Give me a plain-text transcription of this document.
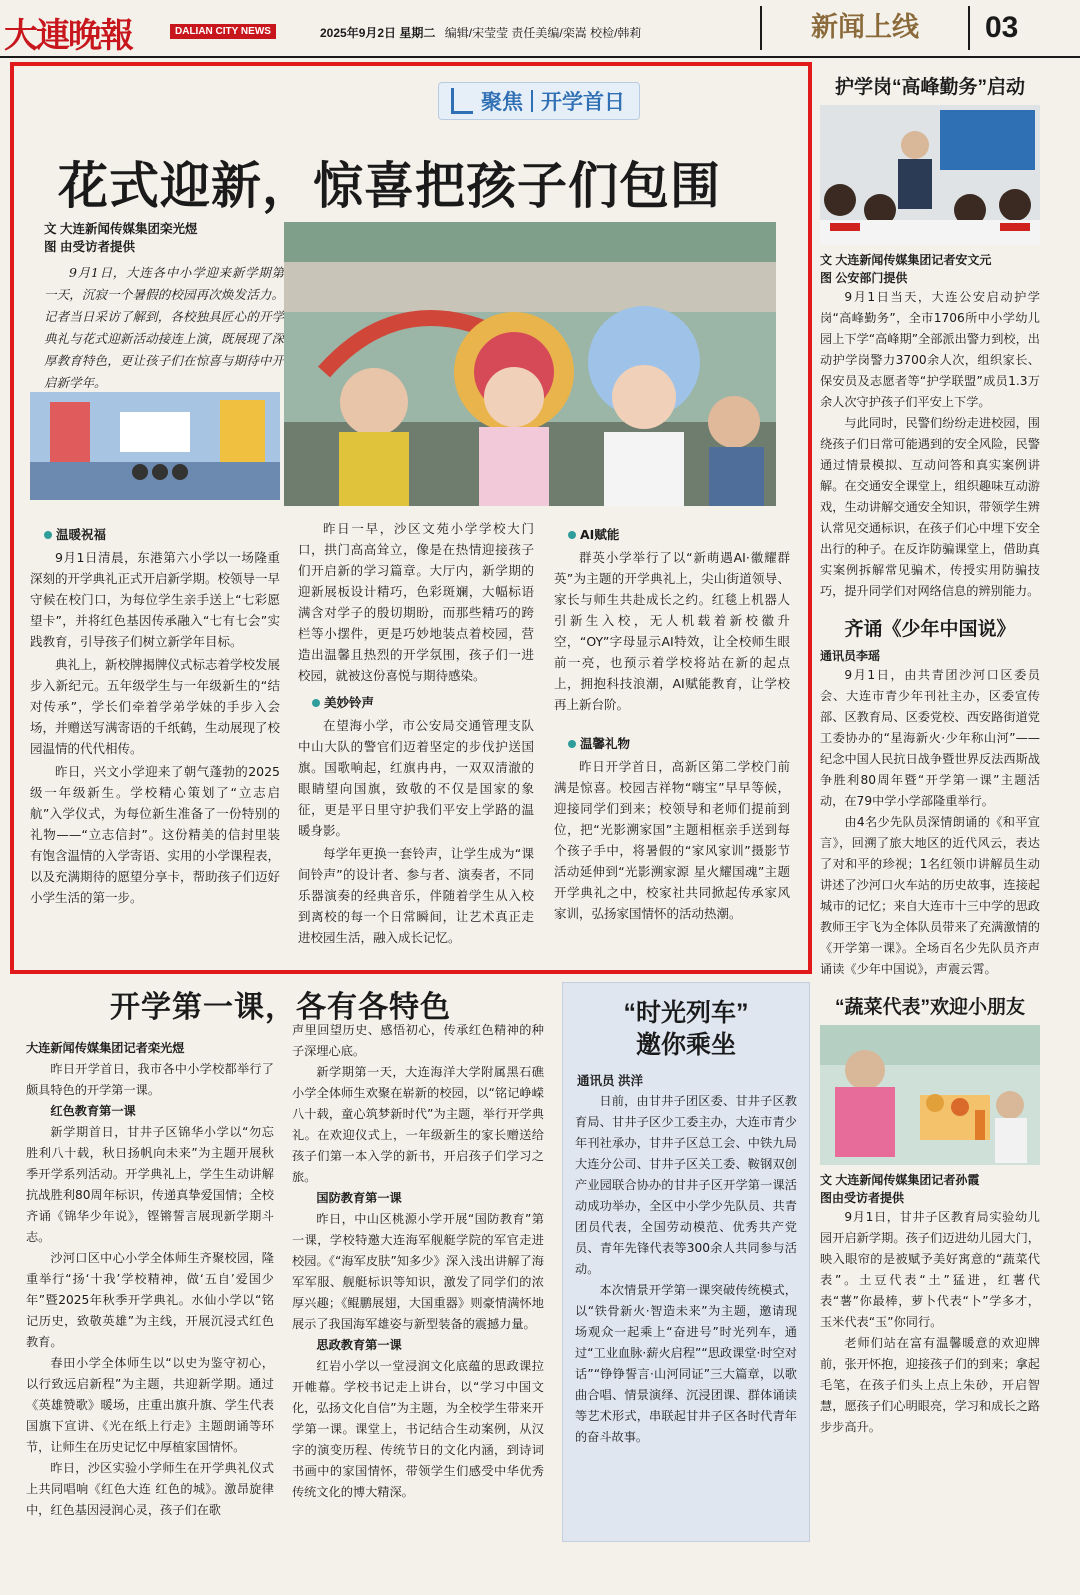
大連晚報	DALIAN CITY NEWS	2025年9月2日 星期二 编辑/宋莹莹 责任美编/栾嵩 校检/韩莉	新闻上线	03
聚焦 开学首日
花式迎新，惊喜把孩子们包围
文 大连新闻传媒集团栾光煜
图 由受访者提供

9月1日，大连各中小学迎来新学期第一天，沉寂一个暑假的校园再次焕发活力。记者当日采访了解到，各校独具匠心的开学典礼与花式迎新活动接连上演，既展现了深厚教育特色，更让孩子们在惊喜与期待中开启新学年。

温暖祝福

9月1日清晨，东港第六小学以一场隆重深刻的开学典礼正式开启新学期。校领导一早守候在校门口，为每位学生亲手送上“七彩愿望卡”，并将红色基因传承融入“七有七会”实践教育，引导孩子们树立新学年目标。

典礼上，新校牌揭牌仪式标志着学校发展步入新纪元。五年级学生与一年级新生的“结对传承”，学长们牵着学弟学妹的手步入会场，并赠送写满寄语的千纸鹤，生动展现了校园温情的代代相传。

昨日，兴文小学迎来了朝气蓬勃的2025级一年级新生。学校精心策划了“立志启航”入学仪式，为每位新生准备了一份特别的礼物——“立志信封”。这份精美的信封里装有饱含温情的入学寄语、实用的小学课程表，以及充满期待的愿望分享卡，帮助孩子们迈好小学生活的第一步。

昨日一早，沙区文苑小学学校大门口，拱门高高耸立，像是在热情迎接孩子们开启新的学习篇章。大厅内，新学期的迎新展板设计精巧，色彩斑斓，大幅标语满含对学子的殷切期盼，而那些精巧的跨栏等小摆件，更是巧妙地装点着校园，营造出温馨且热烈的开学氛围，孩子们一进校园，就被这份喜悦与期待感染。

美妙铃声

在望海小学，市公安局交通管理支队中山大队的警官们迈着坚定的步伐护送国旗。国歌响起，红旗冉冉，一双双清澈的眼睛望向国旗，致敬的不仅是国家的象征，更是平日里守护我们平安上学路的温暖身影。

每学年更换一套铃声，让学生成为“课间铃声”的设计者、参与者、演奏者，不同乐器演奏的经典音乐，伴随着学生从入校到离校的每一个日常瞬间，让艺术真正走进校园生活，融入成长记忆。

AI赋能

群英小学举行了以“新萌遇AI·徽耀群英”为主题的开学典礼上，尖山街道领导、家长与师生共赴成长之约。红毯上机器人引新生入校，无人机载着新校徽升空，“OY”字母显示AI特效，让全校师生眼前一亮，也预示着学校将站在新的起点上，拥抱科技浪潮，AI赋能教育，让学校再上新台阶。

温馨礼物

昨日开学首日，高新区第二学校门前满是惊喜。校园吉祥物“嗨宝”早早等候，迎接同学们到来；校领导和老师们提前到位，把“光影溯家国”主题相框亲手送到每个孩子手中，将暑假的“家风家训”摄影节活动延伸到“光影溯家源 星火耀国魂”主题开学典礼之中，校家社共同掀起传承家风家训，弘扬家国情怀的活动热潮。

护学岗“高峰勤务”启动
文 大连新闻传媒集团记者安文元
图 公安部门提供

9月1日当天，大连公安启动护学岗“高峰勤务”，全市1706所中小学幼儿园上下学“高峰期”全部派出警力到校，出动护学岗警力3700余人次，组织家长、保安员及志愿者等“护学联盟”成员1.3万余人次守护孩子们平安上下学。

与此同时，民警们纷纷走进校园，围绕孩子们日常可能遇到的安全风险，民警通过情景模拟、互动问答和真实案例讲解。在交通安全课堂上，组织趣味互动游戏，生动讲解交通安全知识，带领学生辨认常见交通标识，在孩子们心中埋下安全出行的种子。在反诈防骗课堂上，借助真实案例拆解常见骗术，传授实用防骗技巧，提升同学们对网络信息的辨别能力。

齐诵《少年中国说》
通讯员李瑶

9月1日，由共青团沙河口区委员会、大连市青少年刊社主办，区委宣传部、区教育局、区委党校、西安路街道党工委协办的“星海新火·少年称山河”——纪念中国人民抗日战争暨世界反法西斯战争胜利80周年暨“开学第一课”主题活动，在79中学小学部隆重举行。

由4名少先队员深情朗诵的《和平宣言》，回溯了旅大地区的近代风云，表达了对和平的珍视；1名红领巾讲解员生动讲述了沙河口火车站的历史故事，连接起城市的记忆；来自大连市十三中学的思政教师王宇飞为全体队员带来了充满激情的《开学第一课》。全场百名少先队员齐声诵读《少年中国说》，声震云霄。

“蔬菜代表”欢迎小朋友
文 大连新闻传媒集团记者孙霞
图由受访者提供

9月1日，甘井子区教育局实验幼儿园开启新学期。孩子们迈进幼儿园大门，映入眼帘的是被赋予美好寓意的“蔬菜代表”。土豆代表“土”猛进，红薯代表“薯”你最棒，萝卜代表“卜”学多才，玉米代表“玉”你同行。

老师们站在富有温馨暖意的欢迎牌前，张开怀抱，迎接孩子们的到来；拿起毛笔，在孩子们头上点上朱砂，开启智慧，愿孩子们心明眼亮，学习和成长之路步步高升。

开学第一课，各有各特色

大连新闻传媒集团记者栾光煜

昨日开学首日，我市各中小学校都举行了颇具特色的开学第一课。

红色教育第一课

新学期首日，甘井子区锦华小学以“勿忘胜利八十载，秋日扬帆向未来”为主题开展秋季开学系列活动。开学典礼上，学生生动讲解抗战胜利80周年标识，传递真挚爱国情；全校齐诵《锦华少年说》，铿锵誓言展现新学期斗志。

沙河口区中心小学全体师生齐聚校园，隆重举行“扬‘十我’学校精神，做‘五自’爱国少年”暨2025年秋季开学典礼。水仙小学以“铭记历史，致敬英雄”为主线，开展沉浸式红色教育。

春田小学全体师生以“以史为鉴守初心，以行致远启新程”为主题，共迎新学期。通过《英雄赞歌》暖场，庄重出旗升旗、学生代表国旗下宣讲、《光在纸上行走》主题朗诵等环节，让师生在历史记忆中厚植家国情怀。

昨日，沙区实验小学师生在开学典礼仪式上共同唱响《红色大连 红色的城》。激昂旋律中，红色基因浸润心灵，孩子们在歌

声里回望历史、感悟初心，传承红色精神的种子深埋心底。

新学期第一天，大连海洋大学附属黑石礁小学全体师生欢聚在崭新的校园，以“铭记峥嵘八十载，童心筑梦新时代”为主题，举行开学典礼。在欢迎仪式上，一年级新生的家长赠送给孩子们第一本入学的新书，开启孩子们学习之旅。

国防教育第一课

昨日，中山区桃源小学开展“国防教育”第一课，学校特邀大连海军舰艇学院的军官走进校园。《“海军皮肤”知多少》深入浅出讲解了海军军服、舰艇标识等知识，激发了同学们的浓厚兴趣；《鲲鹏展翅，大国重器》则豪情满怀地展示了我国海军雄姿与新型装备的震撼力量。

思政教育第一课

红岩小学以一堂浸润文化底蕴的思政课拉开帷幕。学校书记走上讲台，以“学习中国文化，弘扬文化自信”为主题，为全校学生带来开学第一课。课堂上，书记结合生动案例，从汉字的演变历程、传统节日的文化内涵，到诗词书画中的家国情怀，带领学生们感受中华优秀传统文化的博大精深。

“时光列车”
邀你乘坐
通讯员 洪洋

日前，由甘井子团区委、甘井子区教育局、甘井子区少工委主办，大连市青少年刊社承办，甘井子区总工会、中铁九局大连分公司、甘井子区关工委、鞍钢双创产业园联合协办的甘井子区开学第一课活动成功举办，全区中小学少先队员、共青团员代表，全国劳动模范、优秀共产党员、青年先锋代表等300余人共同参与活动。

本次情景开学第一课突破传统模式，以“铁骨新火·智造未来”为主题，邀请现场观众一起乘上“奋进号”时光列车，通过“工业血脉·薪火启程”“思政课堂·时空对话”“铮铮誓言·山河同证”三大篇章，以歌曲合唱、情景演绎、沉浸团课、群体诵读等艺术形式，串联起甘井子区各时代青年的奋斗故事。
